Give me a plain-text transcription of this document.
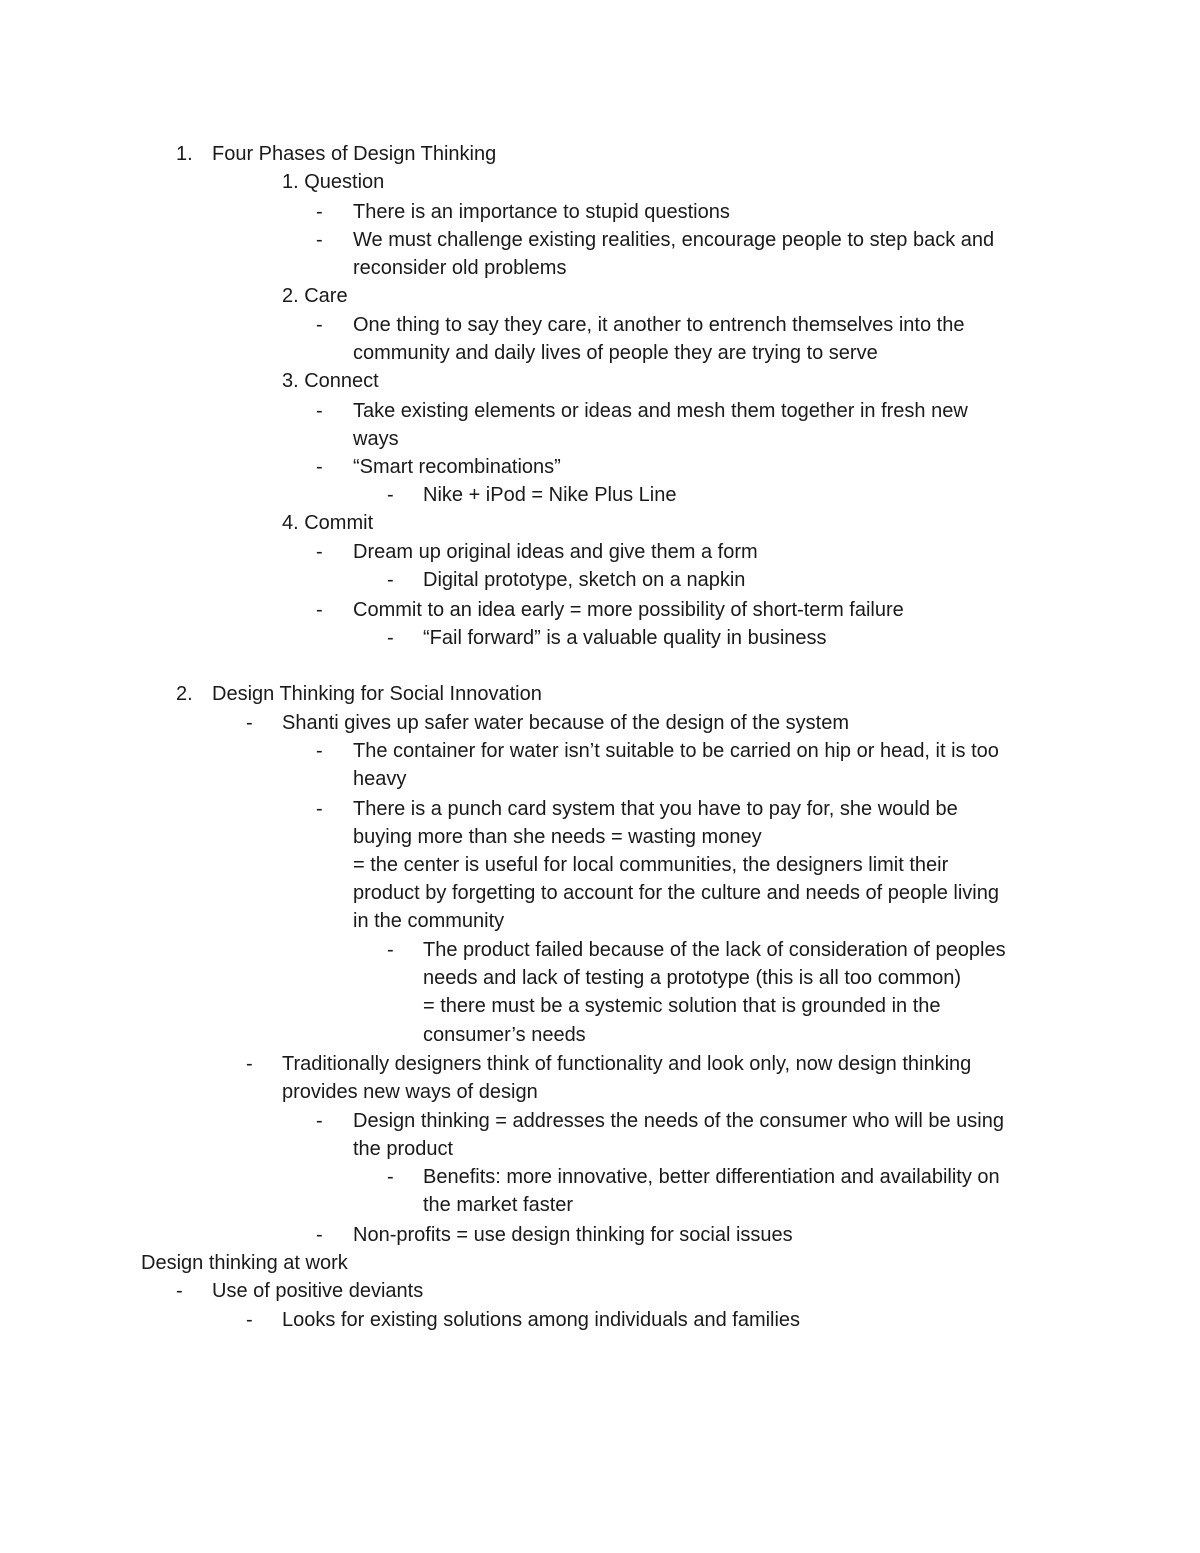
1. Four Phases of Design Thinking
1. Question
- There is an importance to stupid questions
- We must challenge existing realities, encourage people to step back and
reconsider old problems
2. Care
- One thing to say they care, it another to entrench themselves into the
community and daily lives of people they are trying to serve
3. Connect
- Take existing elements or ideas and mesh them together in fresh new
ways
- “Smart recombinations”
- Nike + iPod = Nike Plus Line
4. Commit
- Dream up original ideas and give them a form
- Digital prototype, sketch on a napkin
- Commit to an idea early = more possibility of short-term failure
- “Fail forward” is a valuable quality in business
2. Design Thinking for Social Innovation
- Shanti gives up safer water because of the design of the system
- The container for water isn’t suitable to be carried on hip or head, it is too
heavy
- There is a punch card system that you have to pay for, she would be
buying more than she needs = wasting money
= the center is useful for local communities, the designers limit their
product by forgetting to account for the culture and needs of people living
in the community
- The product failed because of the lack of consideration of peoples
needs and lack of testing a prototype (this is all too common)
= there must be a systemic solution that is grounded in the
consumer’s needs
- Traditionally designers think of functionality and look only, now design thinking
provides new ways of design
- Design thinking = addresses the needs of the consumer who will be using
the product
- Benefits: more innovative, better differentiation and availability on
the market faster
- Non-profits = use design thinking for social issues
Design thinking at work
- Use of positive deviants
- Looks for existing solutions among individuals and families
